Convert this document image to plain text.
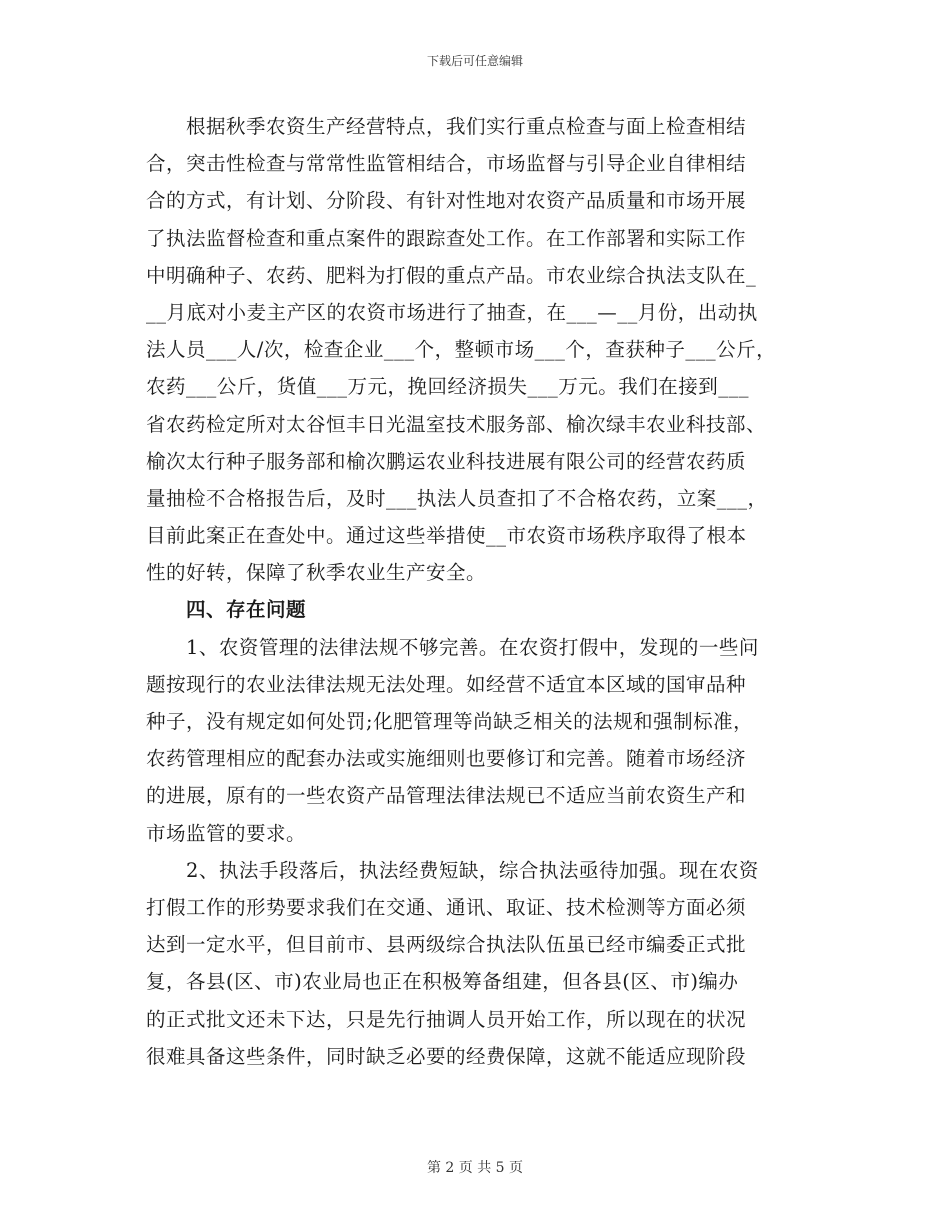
下载后可任意编辑
　　根据秋季农资生产经营特点，我们实行重点检查与面上检查相结
合，突击性检查与常常性监管相结合，市场监督与引导企业自律相结
合的方式，有计划、分阶段、有针对性地对农资产品质量和市场开展
了执法监督检查和重点案件的跟踪查处工作。在工作部署和实际工作
中明确种子、农药、肥料为打假的重点产品。市农业综合执法支队在_
__月底对小麦主产区的农资市场进行了抽查，在___—__月份，出动执
法人员___人/次，检查企业___个，整顿市场___个，查获种子___公斤，
农药___公斤，货值___万元，挽回经济损失___万元。我们在接到___
省农药检定所对太谷恒丰日光温室技术服务部、榆次绿丰农业科技部、
榆次太行种子服务部和榆次鹏运农业科技进展有限公司的经营农药质
量抽检不合格报告后，及时___执法人员查扣了不合格农药，立案___，
目前此案正在查处中。通过这些举措使__市农资市场秩序取得了根本
性的好转，保障了秋季农业生产安全。
　　四、存在问题
　　1、农资管理的法律法规不够完善。在农资打假中，发现的一些问
题按现行的农业法律法规无法处理。如经营不适宜本区域的国审品种
种子，没有规定如何处罚;化肥管理等尚缺乏相关的法规和强制标准，
农药管理相应的配套办法或实施细则也要修订和完善。随着市场经济
的进展，原有的一些农资产品管理法律法规已不适应当前农资生产和
市场监管的要求。
　　2、执法手段落后，执法经费短缺，综合执法亟待加强。现在农资
打假工作的形势要求我们在交通、通讯、取证、技术检测等方面必须
达到一定水平，但目前市、县两级综合执法队伍虽已经市编委正式批
复，各县(区、市)农业局也正在积极筹备组建，但各县(区、市)编办
的正式批文还未下达，只是先行抽调人员开始工作，所以现在的状况
很难具备这些条件，同时缺乏必要的经费保障，这就不能适应现阶段
第 2 页 共 5 页
